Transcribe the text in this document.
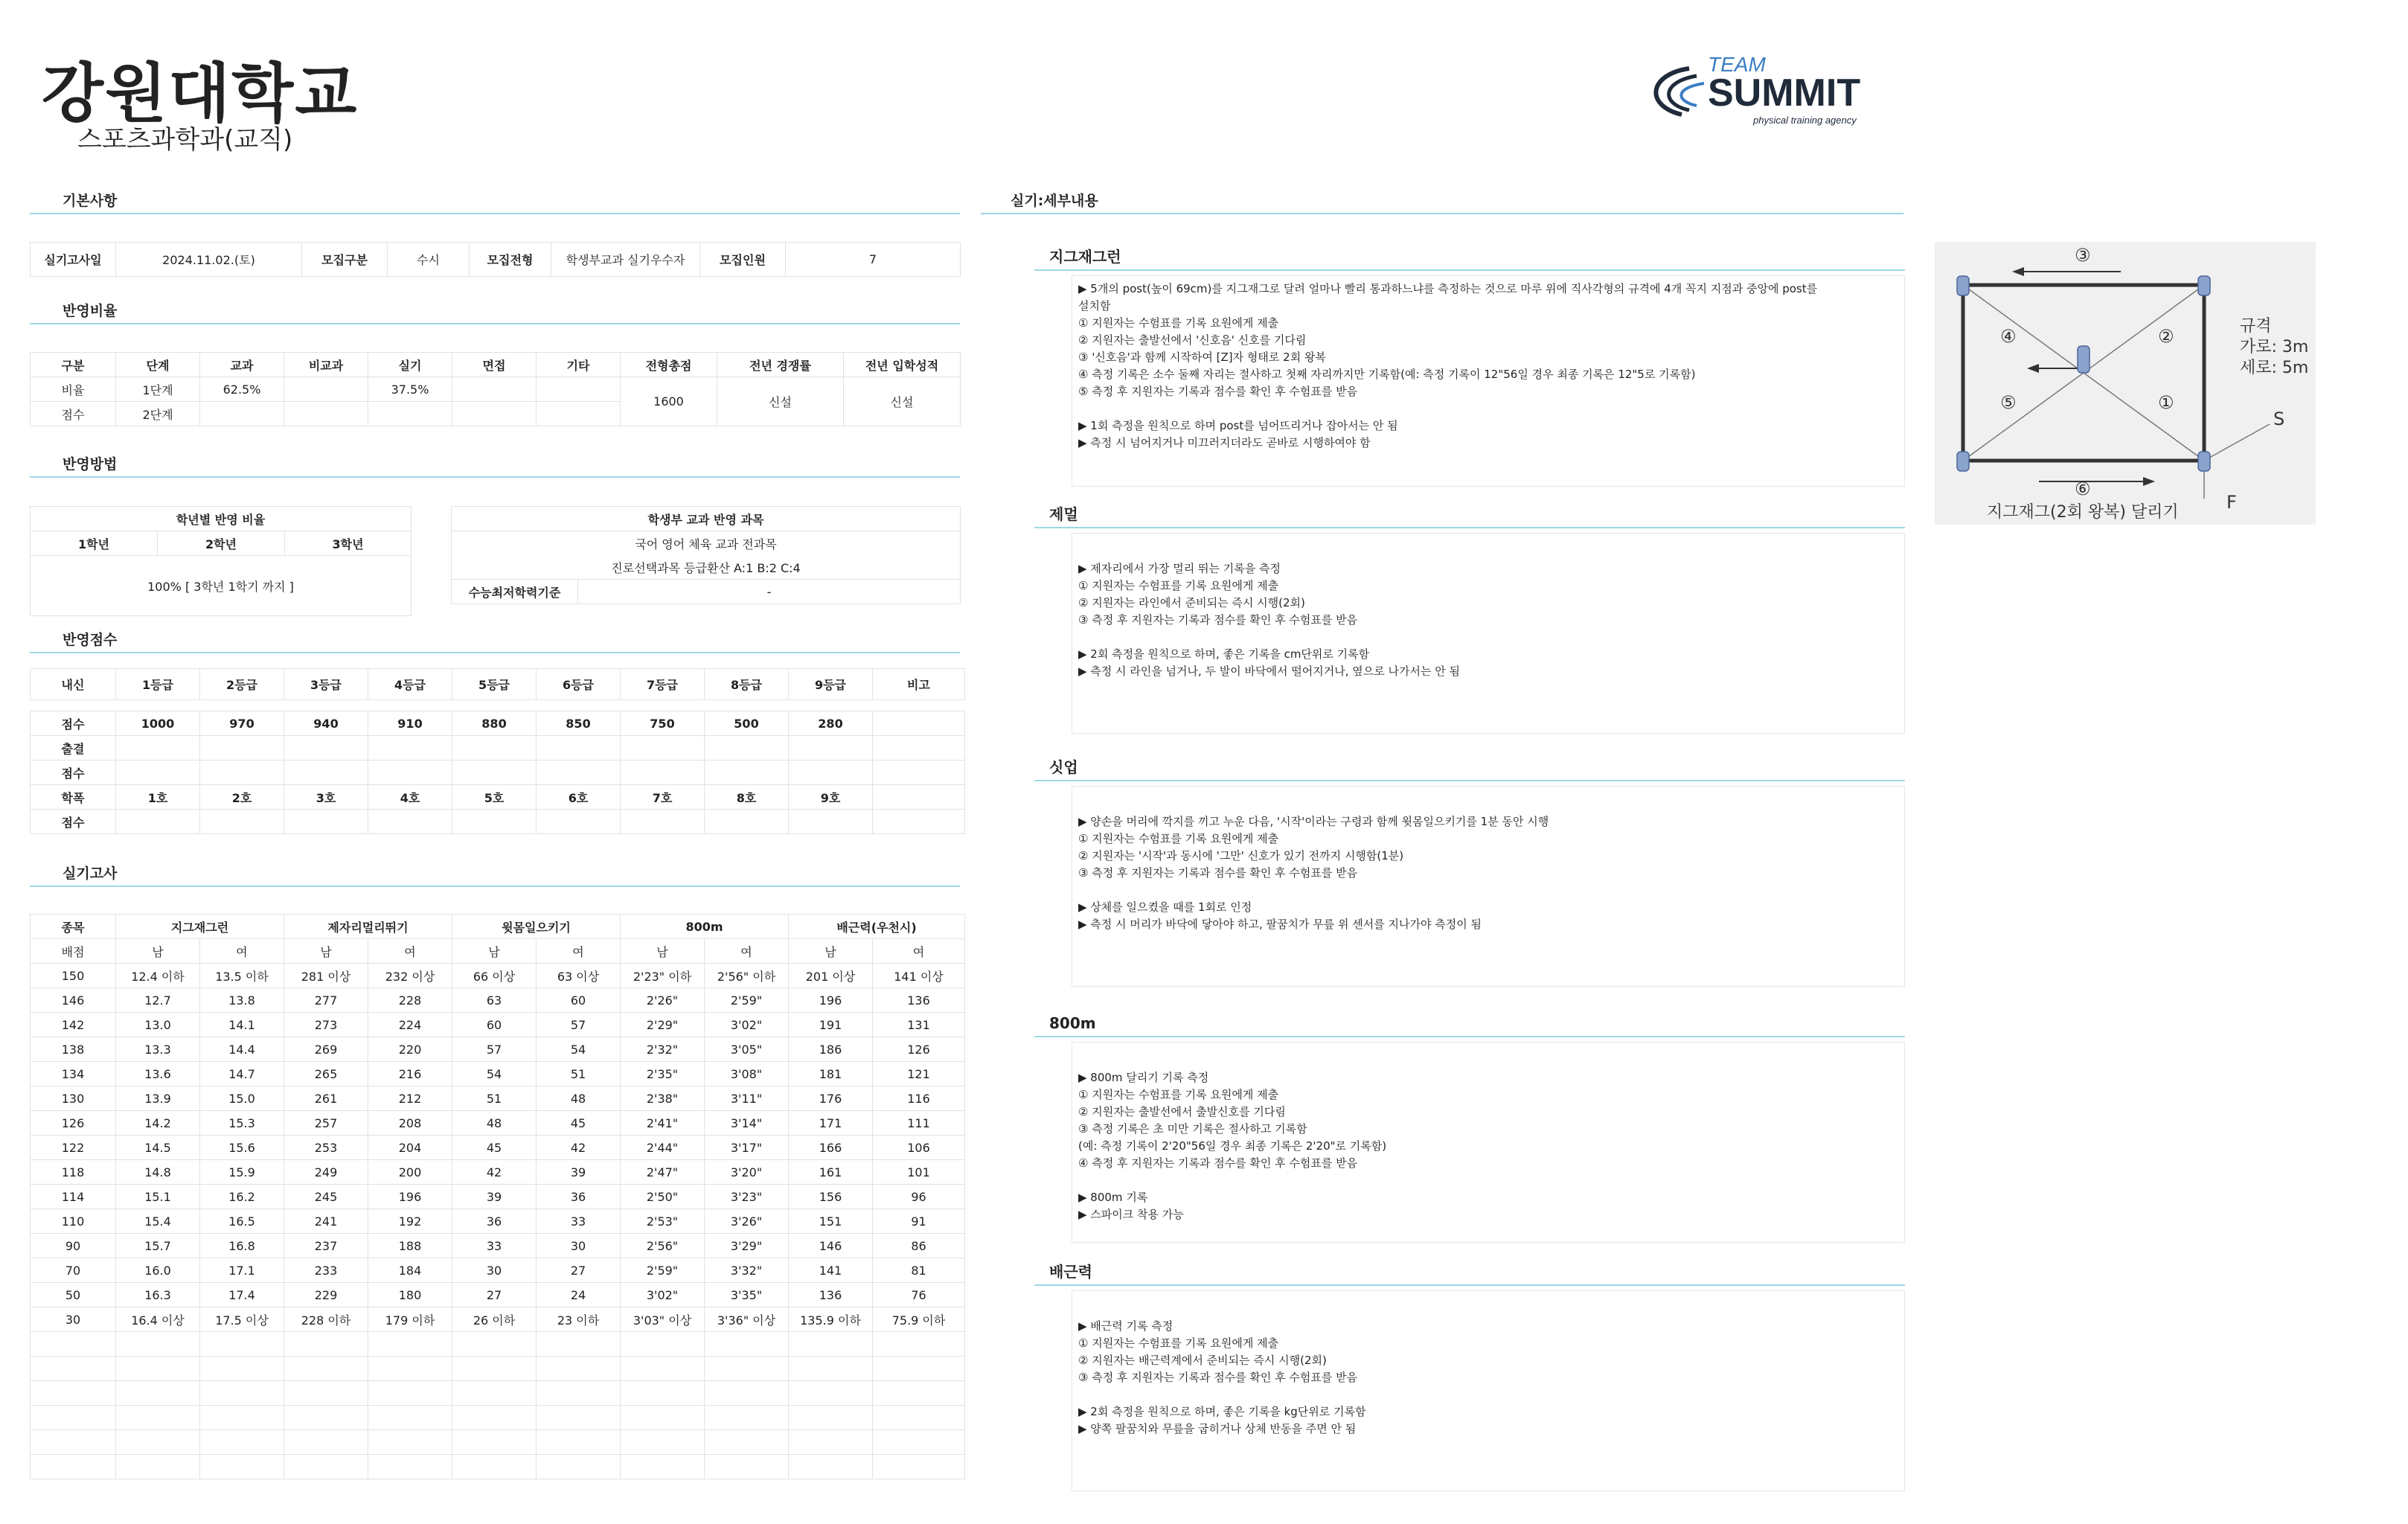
강원대학교
스포츠과학과(교직)
TEAM
SUMMIT
physical training agency
기본사항
실기고사일	2024.11.02.(토)	모집구분	수시	모집전형	학생부교과 실기우수자	모집인원	7
반영비율
구분	단계	교과	비교과	실기	면접	기타	전형총점	전년 경쟁률	전년 입학성적
비율	1단계	62.5%		37.5%			1600	신설	신설
점수	2단계								
반영방법
학년별 반영 비율
1학년	2학년	3학년
100% [ 3학년 1학기 까지 ]
학생부 교과 반영 과목
국어 영어 체육 교과 전과목
진로선택과목 등급환산 A:1 B:2 C:4
수능최저학력기준	-
반영점수
내신	1등급	2등급	3등급	4등급	5등급	6등급	7등급	8등급	9등급	비고
점수	1000	970	940	910	880	850	750	500	280	
출결										
점수										
학폭	1호	2호	3호	4호	5호	6호	7호	8호	9호	
점수										
실기고사
종목	지그재그런		제자리멀리뛰기		윗몸일으키기		800m		배근력(우천시)	
배점	남	여	남	여	남	여	남	여	남	여
150	12.4 이하	13.5 이하	281 이상	232 이상	66 이상	63 이상	2'23" 이하	2'56" 이하	201 이상	141 이상
146	12.7	13.8	277	228	63	60	2'26"	2'59"	196	136
142	13.0	14.1	273	224	60	57	2'29"	3'02"	191	131
138	13.3	14.4	269	220	57	54	2'32"	3'05"	186	126
134	13.6	14.7	265	216	54	51	2'35"	3'08"	181	121
130	13.9	15.0	261	212	51	48	2'38"	3'11"	176	116
126	14.2	15.3	257	208	48	45	2'41"	3'14"	171	111
122	14.5	15.6	253	204	45	42	2'44"	3'17"	166	106
118	14.8	15.9	249	200	42	39	2'47"	3'20"	161	101
114	15.1	16.2	245	196	39	36	2'50"	3'23"	156	96
110	15.4	16.5	241	192	36	33	2'53"	3'26"	151	91
90	15.7	16.8	237	188	33	30	2'56"	3'29"	146	86
70	16.0	17.1	233	184	30	27	2'59"	3'32"	141	81
50	16.3	17.4	229	180	27	24	3'02"	3'35"	136	76
30	16.4 이상	17.5 이상	228 이하	179 이하	26 이하	23 이하	3'03" 이상	3'36" 이상	135.9 이하	75.9 이하

실기:세부내용
지그재그런
▶ 5개의 post(높이 69cm)를 지그재그로 달려 얼마나 빨리 통과하느냐를 측정하는 것으로 마루 위에 직사각형의 규격에 4개 꼭지 지점과 중앙에 post를
설치함
① 지원자는 수험표를 기록 요원에게 제출
② 지원자는 출발선에서 '신호음' 신호를 기다림
③ '신호음'과 함께 시작하여 [Z]자 형태로 2회 왕복
④ 측정 기록은 소수 둘째 자리는 절사하고 첫째 자리까지만 기록함(예: 측정 기록이 12"56일 경우 최종 기록은 12"5로 기록함)
⑤ 측정 후 지원자는 기록과 점수를 확인 후 수험표를 받음
▶ 1회 측정을 원칙으로 하며 post를 넘어뜨리거나 잡아서는 안 됨
▶ 측정 시 넘어지거나 미끄러지더라도 곧바로 시행하여야 함
제멀
▶ 제자리에서 가장 멀리 뛰는 기록을 측정
① 지원자는 수험표를 기록 요원에게 제출
② 지원자는 라인에서 준비되는 즉시 시행(2회)
③ 측정 후 지원자는 기록과 점수를 확인 후 수험표를 받음
▶ 2회 측정을 원칙으로 하며, 좋은 기록을 cm단위로 기록함
▶ 측정 시 라인을 넘거나, 두 발이 바닥에서 떨어지거나, 옆으로 나가서는 안 됨
싯업
▶ 양손을 머리에 깍지를 끼고 누운 다음, '시작'이라는 구령과 함께 윗몸일으키기를 1분 동안 시행
① 지원자는 수험표를 기록 요원에게 제출
② 지원자는 '시작'과 동시에 '그만' 신호가 있기 전까지 시행함(1분)
③ 측정 후 지원자는 기록과 점수를 확인 후 수험표를 받음
▶ 상체를 일으켰을 때를 1회로 인정
▶ 측정 시 머리가 바닥에 닿아야 하고, 팔꿈치가 무릎 위 센서를 지나가야 측정이 됨
800m
▶ 800m 달리기 기록 측정
① 지원자는 수험표를 기록 요원에게 제출
② 지원자는 출발선에서 출발신호를 기다림
③ 측정 기록은 초 미만 기록은 절사하고 기록함
(예: 측정 기록이 2'20"56일 경우 최종 기록은 2'20"로 기록함)
④ 측정 후 지원자는 기록과 점수를 확인 후 수험표를 받음
▶ 800m 기록
▶ 스파이크 착용 가능
배근력
▶ 배근력 기록 측정
① 지원자는 수험표를 기록 요원에게 제출
② 지원자는 배근력계에서 준비되는 즉시 시행(2회)
③ 측정 후 지원자는 기록과 점수를 확인 후 수험표를 받음
▶ 2회 측정을 원칙으로 하며, 좋은 기록을 kg단위로 기록함
▶ 양쪽 팔꿈치와 무릎을 굽히거나 상체 반동을 주면 안 됨
④	②
⑤	①
③
⑥
규격
가로: 3m
세로: 5m
S
F
지그재그(2회 왕복) 달리기
